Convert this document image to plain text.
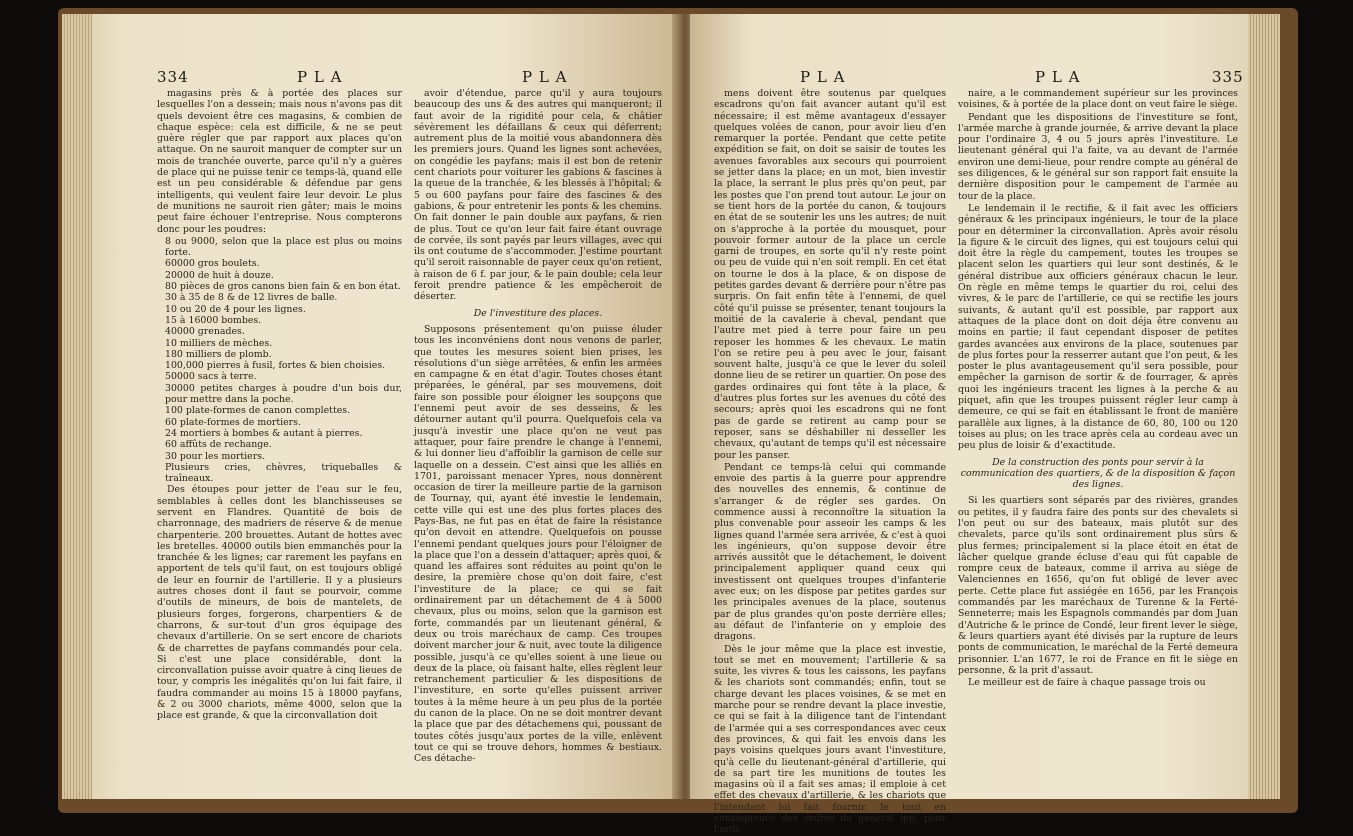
334	P L A	P L A

magasins près & à portée des places sur lesquelles l'on a dessein; mais nous n'avons pas dit quels devoient être ces magasins, & combien de chaque espèce: cela est difficile, & ne se peut guère régler que par rapport aux places qu'on attaque. On ne sauroit manquer de compter sur un mois de tranchée ouverte, parce qu'il n'y a guères de place qui ne puisse tenir ce temps-là, quand elle est un peu considérable & défendue par gens intelligents, qui veulent faire leur devoir. Le plus de munitions ne sauroit rien gâter; mais le moins peut faire échouer l'entreprise. Nous compterons donc pour les poudres:

8 ou 9000, selon que la place est plus ou moins forte.
60000 gros boulets.
20000 de huit à douze.
80 pièces de gros canons bien fain & en bon état.
30 à 35 de 8 & de 12 livres de balle.
10 ou 20 de 4 pour les lignes.
15 à 16000 bombes.
40000 grenades.
10 milliers de mèches.
180 milliers de plomb.
100,000 pierres à fusil, fortes & bien choisies.
50000 sacs à terre.
30000 petites charges à poudre d'un bois dur, pour mettre dans la poche.
100 plate-formes de canon complettes.
60 plate-formes de mortiers.
24 mortiers à bombes & autant à pierres.
60 affûts de rechange.
30 pour les mortiers.
Plusieurs cries, chèvres, triqueballes & traîneaux.

Des étoupes pour jetter de l'eau sur le feu, semblables à celles dont les blanchisseuses se servent en Flandres. Quantité de bois de charronnage, des madriers de réserve & de menue charpenterie. 200 brouettes. Autant de hottes avec les bretelles. 40000 outils bien emmanchés pour la tranchée & les lignes; car rarement les payfans en apportent de tels qu'il faut, on est toujours obligé de leur en fournir de l'artillerie. Il y a plusieurs autres choses dont il faut se pourvoir, comme d'outils de mineurs, de bois de mantelets, de plusieurs forges, forgerons, charpentiers & de charrons, & sur-tout d'un gros équipage des chevaux d'artillerie. On se sert encore de chariots & de charrettes de payfans commandés pour cela. Si c'est une place considérable, dont la circonvallation puisse avoir quatre à cinq lieues de tour, y compris les inégalités qu'on lui fait faire, il faudra commander au moins 15 à 18000 payfans, & 2 ou 3000 chariots, même 4000, selon que la place est grande, & que la circonvallation doit

avoir d'étendue, parce qu'il y aura toujours beaucoup des uns & des autres qui manqueront; il faut avoir de la rigidité pour cela, & châtier sévèrement les défaillans & ceux qui déferrent; autrement plus de la moitié vous abandonnera dès les premiers jours. Quand les lignes sont achevées, on congédie les payfans; mais il est bon de retenir cent chariots pour voiturer les gabions & fascines à la queue de la tranchée, & les blessés à l'hôpital; & 5 ou 600 payfans pour faire des fascines & des gabions, & pour entretenir les ponts & les chemins. On fait donner le pain double aux payfans, & rien de plus. Tout ce qu'on leur fait faire étant ouvrage de corvée, ils sont payés par leurs villages, avec qui ils ont coutume de s'accommoder. J'estime pourtant qu'il seroit raisonnable de payer ceux qu'on retient, à raison de 6 f. par jour, & le pain double; cela leur feroit prendre patience & les empêcheroit de déserter.

De l'investiture des places.

Supposons présentement qu'on puisse éluder tous les inconvéniens dont nous venons de parler, que toutes les mesures soient bien prises, les résolutions d'un siège arrêtées, & enfin les armées en campagne & en état d'agir. Toutes choses étant préparées, le général, par ses mouvemens, doit faire son possible pour éloigner les soupçons que l'ennemi peut avoir de ses desseins, & les détourner autant qu'il pourra. Quelquefois cela va jusqu'à investir une place qu'on ne veut pas attaquer, pour faire prendre le change à l'ennemi, & lui donner lieu d'affoiblir la garnison de celle sur laquelle on a dessein. C'est ainsi que les alliés en 1701, paroissant menacer Ypres, nous donnèrent occasion de tirer la meilleure partie de la garnison de Tournay, qui, ayant été investie le lendemain, cette ville qui est une des plus fortes places des Pays-Bas, ne fut pas en état de faire la résistance qu'on devoit en attendre. Quelquefois on pousse l'ennemi pendant quelques jours pour l'éloigner de la place que l'on a dessein d'attaquer; après quoi, & quand les affaires sont réduites au point qu'on le desire, la première chose qu'on doit faire, c'est l'investiture de la place; ce qui se fait ordinairement par un détachement de 4 à 5000 chevaux, plus ou moins, selon que la garnison est forte, commandés par un lieutenant général, & deux ou trois maréchaux de camp. Ces troupes doivent marcher jour & nuit, avec toute la diligence possible, jusqu'à ce qu'elles soient à une lieue ou deux de la place, où faisant halte, elles règlent leur retranchement particulier & les dispositions de l'investiture, en sorte qu'elles puissent arriver toutes à la même heure à un peu plus de la portée du canon de la place. On ne se doit montrer devant la place que par des détachemens qui, poussant de toutes côtés jusqu'aux portes de la ville, enlèvent tout ce qui se trouve dehors, hommes & bestiaux. Ces détache-

P L A	P L A	335

mens doivent être soutenus par quelques escadrons qu'on fait avancer autant qu'il est nécessaire; il est même avantageux d'essayer quelques volées de canon, pour avoir lieu d'en remarquer la portée. Pendant que cette petite expédition se fait, on doit se saisir de toutes les avenues favorables aux secours qui pourroient se jetter dans la place; en un mot, bien investir la place, la serrant le plus près qu'on peut, par les postes que l'on prend tout autour. Le jour on se tient hors de la portée du canon, & toujours en état de se soutenir les uns les autres; de nuit on s'approche à la portée du mousquet, pour pouvoir former autour de la place un cercle garni de troupes, en sorte qu'il n'y reste point ou peu de vuide qui n'en soit rempli. En cet état on tourne le dos à la place, & on dispose de petites gardes devant & derrière pour n'être pas surpris. On fait enfin tête à l'ennemi, de quel côté qu'il puisse se présenter, tenant toujours la moitié de la cavalerie à cheval, pendant que l'autre met pied à terre pour faire un peu reposer les hommes & les chevaux. Le matin l'on se retire peu à peu avec le jour, faisant souvent halte, jusqu'à ce que le lever du soleil donne lieu de se retirer un quartier. On pose des gardes ordinaires qui font tête à la place, & d'autres plus fortes sur les avenues du côté des secours; après quoi les escadrons qui ne font pas de garde se retirent au camp pour se reposer, sans se déshabiller ni desseller les chevaux, qu'autant de temps qu'il est nécessaire pour les panser.

Pendant ce temps-là celui qui commande envoie des partis à la guerre pour apprendre des nouvelles des ennemis, & continue de s'arranger & de régler ses gardes. On commence aussi à reconnoître la situation la plus convenable pour asseoir les camps & les lignes quand l'armée sera arrivée, & c'est à quoi les ingénieurs, qu'on suppose devoir être arrivés aussitôt que le détachement, le doivent principalement appliquer quand ceux qui investissent ont quelques troupes d'infanterie avec eux; on les dispose par petites gardes sur les principales avenues de la place, soutenus par de plus grandes qu'on poste derrière elles; au défaut de l'infanterie on y emploie des dragons.

Dès le jour même que la place est investie, tout se met en mouvement; l'artillerie & sa suite, les vivres & tous les caissons, les payfans & les chariots sont commandés; enfin, tout se charge devant les places voisines, & se met en marche pour se rendre devant la place investie, ce qui se fait à la diligence tant de l'intendant de l'armée qui a ses correspondances avec ceux des provinces, & qui fait les envois dans les pays voisins quelques jours avant l'investiture, qu'à celle du lieutenant-général d'artillerie, qui de sa part tire les munitions de toutes les magasins où il a fait ses amas; il emploie à cet effet des chevaux d'artillerie, & les chariots que l'intendant lui fait fournir, le tout en conséquence des ordres du général qui, pour l'ordi-

naire, a le commandement supérieur sur les provinces voisines, & à portée de la place dont on veut faire le siège.

Pendant que les dispositions de l'investiture se font, l'armée marche à grande journée, & arrive devant la place pour l'ordinaire 3, 4 ou 5 jours après l'investiture. Le lieutenant général qui l'a faite, va au devant de l'armée environ une demi-lieue, pour rendre compte au général de ses diligences, & le général sur son rapport fait ensuite la dernière disposition pour le campement de l'armée au tour de la place.

Le lendemain il le rectifie, & il fait avec les officiers généraux & les principaux ingénieurs, le tour de la place pour en déterminer la circonvallation. Après avoir résolu la figure & le circuit des lignes, qui est toujours celui qui doit être la règle du campement, toutes les troupes se placent selon les quartiers qui leur sont destinés, & le général distribue aux officiers généraux chacun le leur. On règle en même temps le quartier du roi, celui des vivres, & le parc de l'artillerie, ce qui se rectifie les jours suivants, & autant qu'il est possible, par rapport aux attaques de la place dont on doit déja être convenu au moins en partie; il faut cependant disposer de petites gardes avancées aux environs de la place, soutenues par de plus fortes pour la resserrer autant que l'on peut, & les poster le plus avantageusement qu'il sera possible, pour empêcher la garnison de sortir & de fourrager, & après quoi les ingénieurs tracent les lignes à la perche & au piquet, afin que les troupes puissent régler leur camp à demeure, ce qui se fait en établissant le front de manière parallèle aux lignes, à la distance de 60, 80, 100 ou 120 toises au plus; on les trace après cela au cordeau avec un peu plus de loisir & d'exactitude.

De la construction des ponts pour servir à la communication des quartiers, & de la disposition & façon des lignes.

Si les quartiers sont séparés par des rivières, grandes ou petites, il y faudra faire des ponts sur des chevalets si l'on peut ou sur des bateaux, mais plutôt sur des chevalets, parce qu'ils sont ordinairement plus sûrs & plus fermes; principalement si la place étoit en état de lâcher quelque grande écluse d'eau qui fût capable de rompre ceux de bateaux, comme il arriva au siège de Valenciennes en 1656, qu'on fut obligé de lever avec perte. Cette place fut assiégée en 1656, par les François commandés par les maréchaux de Turenne & la Ferté-Senneterre; mais les Espagnols commandés par dom Juan d'Autriche & le prince de Condé, leur firent lever le siège, & leurs quartiers ayant été divisés par la rupture de leurs ponts de communication, le maréchal de la Ferté demeura prisonnier. L'an 1677, le roi de France en fit le siège en personne, & la prit d'assaut.

Le meilleur est de faire à chaque passage trois ou
